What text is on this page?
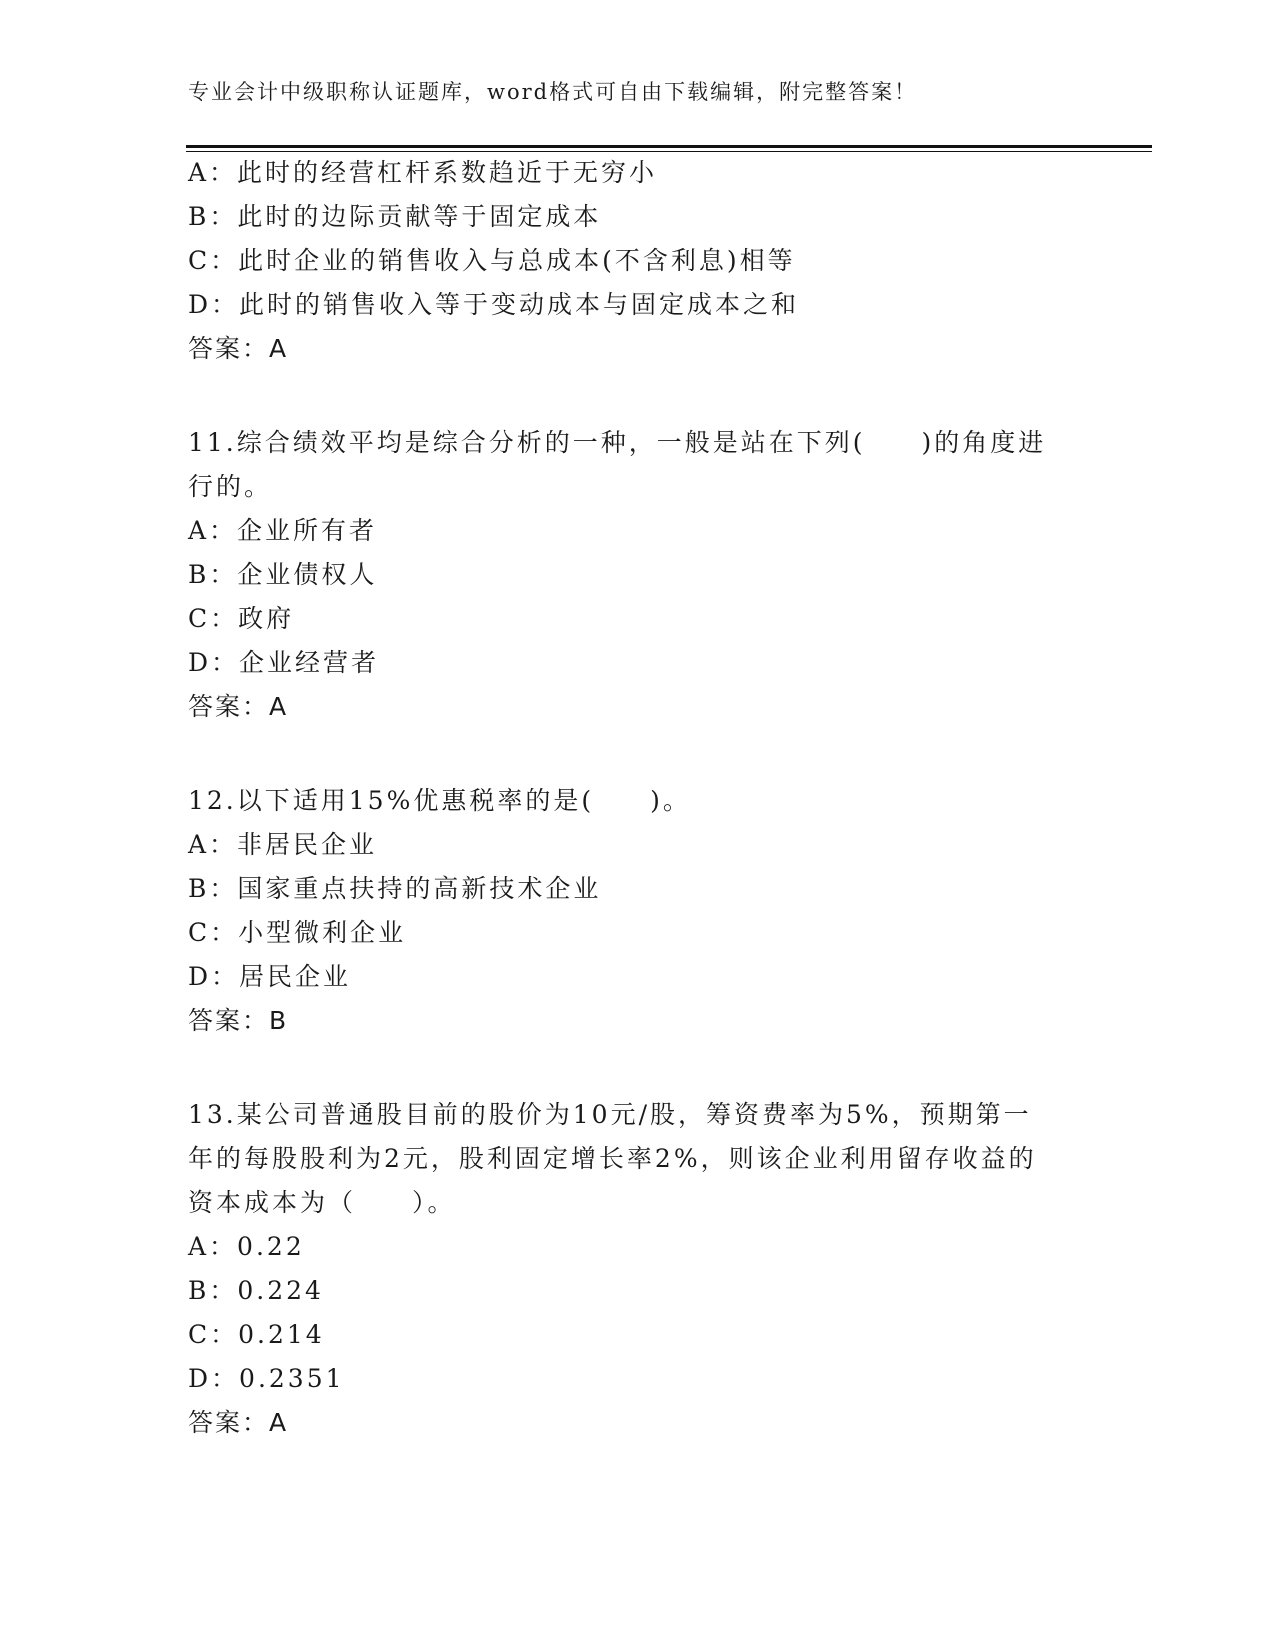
专业会计中级职称认证题库，word格式可自由下载编辑，附完整答案！
A：此时的经营杠杆系数趋近于无穷小
B：此时的边际贡献等于固定成本
C：此时企业的销售收入与总成本(不含利息)相等
D：此时的销售收入等于变动成本与固定成本之和
答案：A
11.综合绩效平均是综合分析的一种，一般是站在下列(　　)的角度进
行的。
A：企业所有者
B：企业债权人
C：政府
D：企业经营者
答案：A
12.以下适用15%优惠税率的是(　　)。
A：非居民企业
B：国家重点扶持的高新技术企业
C：小型微利企业
D：居民企业
答案：B
13.某公司普通股目前的股价为10元/股，筹资费率为5%，预期第一
年的每股股利为2元，股利固定增长率2%，则该企业利用留存收益的
资本成本为（　　）。
A：0.22
B：0.224
C：0.214
D：0.2351
答案：A
